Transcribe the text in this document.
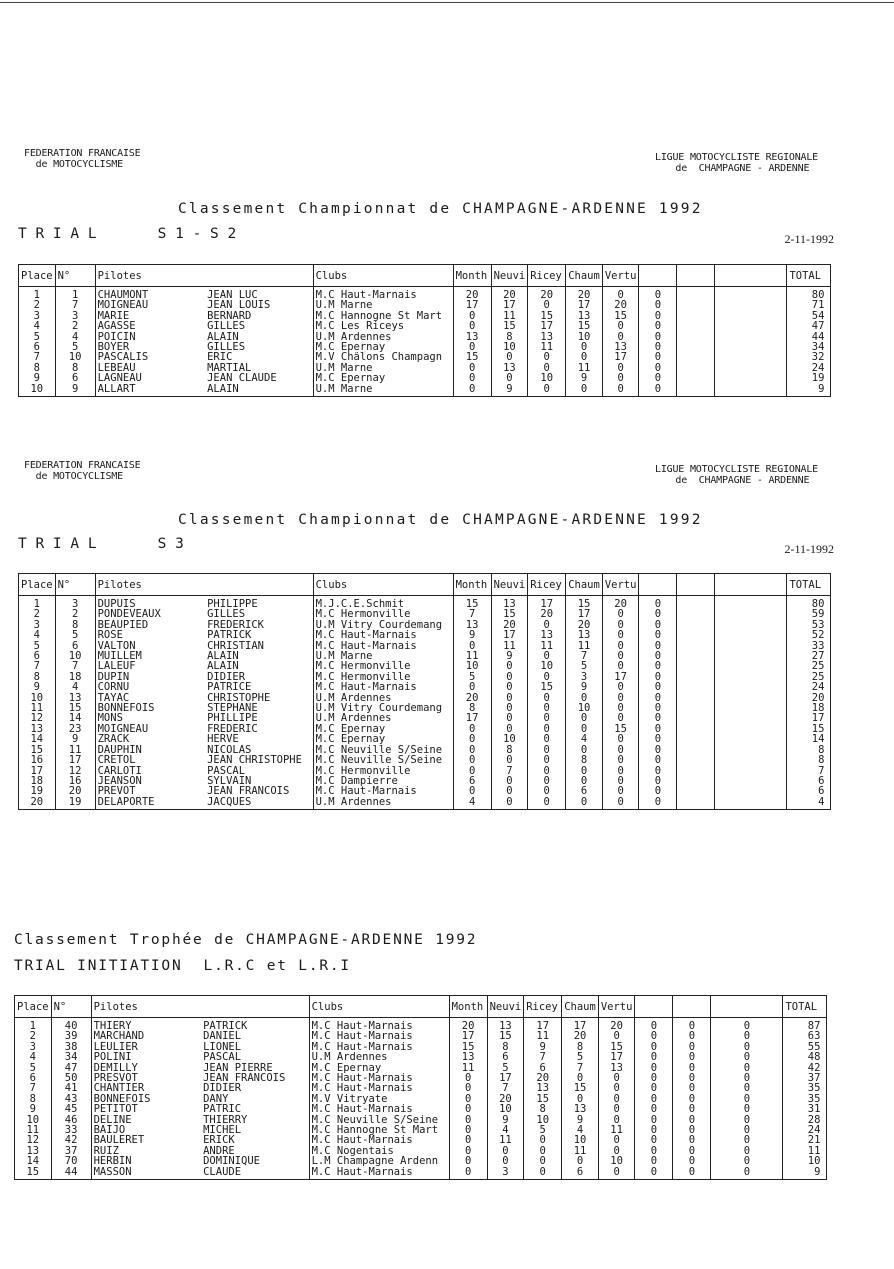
FEDERATION FRANCAISE
de MOTOCYCLISME
LIGUE MOTOCYCLISTE REGIONALE
de  CHAMPAGNE - ARDENNE
Classement Championnat de CHAMPAGNE-ARDENNE 1992
T R I A L       S 1 - S 2	2-11-1992
Place	N°	Pilotes		Clubs	Month	Neuvi	Ricey	Chaum	Vertu				TOTAL
1	1	CHAUMONT	JEAN LUC	M.C Haut-Marnais	20	20	20	20	0	0			80
2	7	MOIGNEAU	JEAN LOUIS	U.M Marne	17	17	0	17	20	0			71
3	3	MARIE	BERNARD	M.C Hannogne St Mart	0	11	15	13	15	0			54
4	2	AGASSE	GILLES	M.C Les Riceys	0	15	17	15	0	0			47
5	4	POICIN	ALAIN	U.M Ardennes	13	8	13	10	0	0			44
6	5	BOYER	GILLES	M.C Epernay	0	10	11	0	13	0			34
7	10	PASCALIS	ERIC	M.V Châlons Champagn	15	0	0	0	17	0			32
8	8	LEBEAU	MARTIAL	U.M Marne	0	13	0	11	0	0			24
9	6	LAGNEAU	JEAN CLAUDE	M.C Epernay	0	0	10	9	0	0			19
10	9	ALLART	ALAIN	U.M Marne	0	9	0	0	0	0			9
FEDERATION FRANCAISE
de MOTOCYCLISME
LIGUE MOTOCYCLISTE REGIONALE
de  CHAMPAGNE - ARDENNE
Classement Championnat de CHAMPAGNE-ARDENNE 1992
T R I A L       S 3	2-11-1992
Place	N°	Pilotes		Clubs	Month	Neuvi	Ricey	Chaum	Vertu				TOTAL
1	3	DUPUIS	PHILIPPE	M.J.C.E.Schmit	15	13	17	15	20	0			80
2	2	PONDEVEAUX	GILLES	M.C Hermonville	7	15	20	17	0	0			59
3	8	BEAUPIED	FREDERICK	U.M Vitry Courdemang	13	20	0	20	0	0			53
4	5	ROSE	PATRICK	M.C Haut-Marnais	9	17	13	13	0	0			52
5	6	VALTON	CHRISTIAN	M.C Haut-Marnais	0	11	11	11	0	0			33
6	10	MUILLEM	ALAIN	U.M Marne	11	9	0	7	0	0			27
7	7	LALEUF	ALAIN	M.C Hermonville	10	0	10	5	0	0			25
8	18	DUPIN	DIDIER	M.C Hermonville	5	0	0	3	17	0			25
9	4	CORNU	PATRICE	M.C Haut-Marnais	0	0	15	9	0	0			24
10	13	TAYAC	CHRISTOPHE	U.M Ardennes	20	0	0	0	0	0			20
11	15	BONNEFOIS	STEPHANE	U.M Vitry Courdemang	8	0	0	10	0	0			18
12	14	MONS	PHILLIPE	U.M Ardennes	17	0	0	0	0	0			17
13	23	MOIGNEAU	FREDERIC	M.C Epernay	0	0	0	0	15	0			15
14	9	ZRACK	HERVE	M.C Epernay	0	10	0	4	0	0			14
15	11	DAUPHIN	NICOLAS	M.C Neuville S/Seine	0	8	0	0	0	0			8
16	17	CRETOL	JEAN CHRISTOPHE	M.C Neuville S/Seine	0	0	0	8	0	0			8
17	12	CARLOTI	PASCAL	M.C Hermonville	0	7	0	0	0	0			7
18	16	JEANSON	SYLVAIN	M.C Dampierre	6	0	0	0	0	0			6
19	20	PREVOT	JEAN FRANCOIS	M.C Haut-Marnais	0	0	0	6	0	0			6
20	19	DELAPORTE	JACQUES	U.M Ardennes	4	0	0	0	0	0			4
Classement Trophée de CHAMPAGNE-ARDENNE 1992
TRIAL INITIATION  L.R.C et L.R.I
Place	N°	Pilotes		Clubs	Month	Neuvi	Ricey	Chaum	Vertu				TOTAL
1	40	THIERY	PATRICK	M.C Haut-Marnais	20	13	17	17	20	0	0	0	87
2	39	MARCHAND	DANIEL	M.C Haut-Marnais	17	15	11	20	0	0	0	0	63
3	38	LEULIER	LIONEL	M.C Haut-Marnais	15	8	9	8	15	0	0	0	55
4	34	POLINI	PASCAL	U.M Ardennes	13	6	7	5	17	0	0	0	48
5	47	DEMILLY	JEAN PIERRE	M.C Epernay	11	5	6	7	13	0	0	0	42
6	50	PRESVOT	JEAN FRANCOIS	M.C Haut-Marnais	0	17	20	0	0	0	0	0	37
7	41	CHANTIER	DIDIER	M.C Haut-Marnais	0	7	13	15	0	0	0	0	35
8	43	BONNEFOIS	DANY	M.V Vitryate	0	20	15	0	0	0	0	0	35
9	45	PETITOT	PATRIC	M.C Haut-Marnais	0	10	8	13	0	0	0	0	31
10	46	DELINE	THIERRY	M.C Neuville S/Seine	0	9	10	9	0	0	0	0	28
11	33	BAIJO	MICHEL	M.C Hannogne St Mart	0	4	5	4	11	0	0	0	24
12	42	BAULERET	ERICK	M.C Haut-Marnais	0	11	0	10	0	0	0	0	21
13	37	RUIZ	ANDRE	M.C Nogentais	0	0	0	11	0	0	0	0	11
14	70	HERBIN	DOMINIQUE	L.M Champagne Ardenn	0	0	0	0	10	0	0	0	10
15	44	MASSON	CLAUDE	M.C Haut-Marnais	0	3	0	6	0	0	0	0	9
